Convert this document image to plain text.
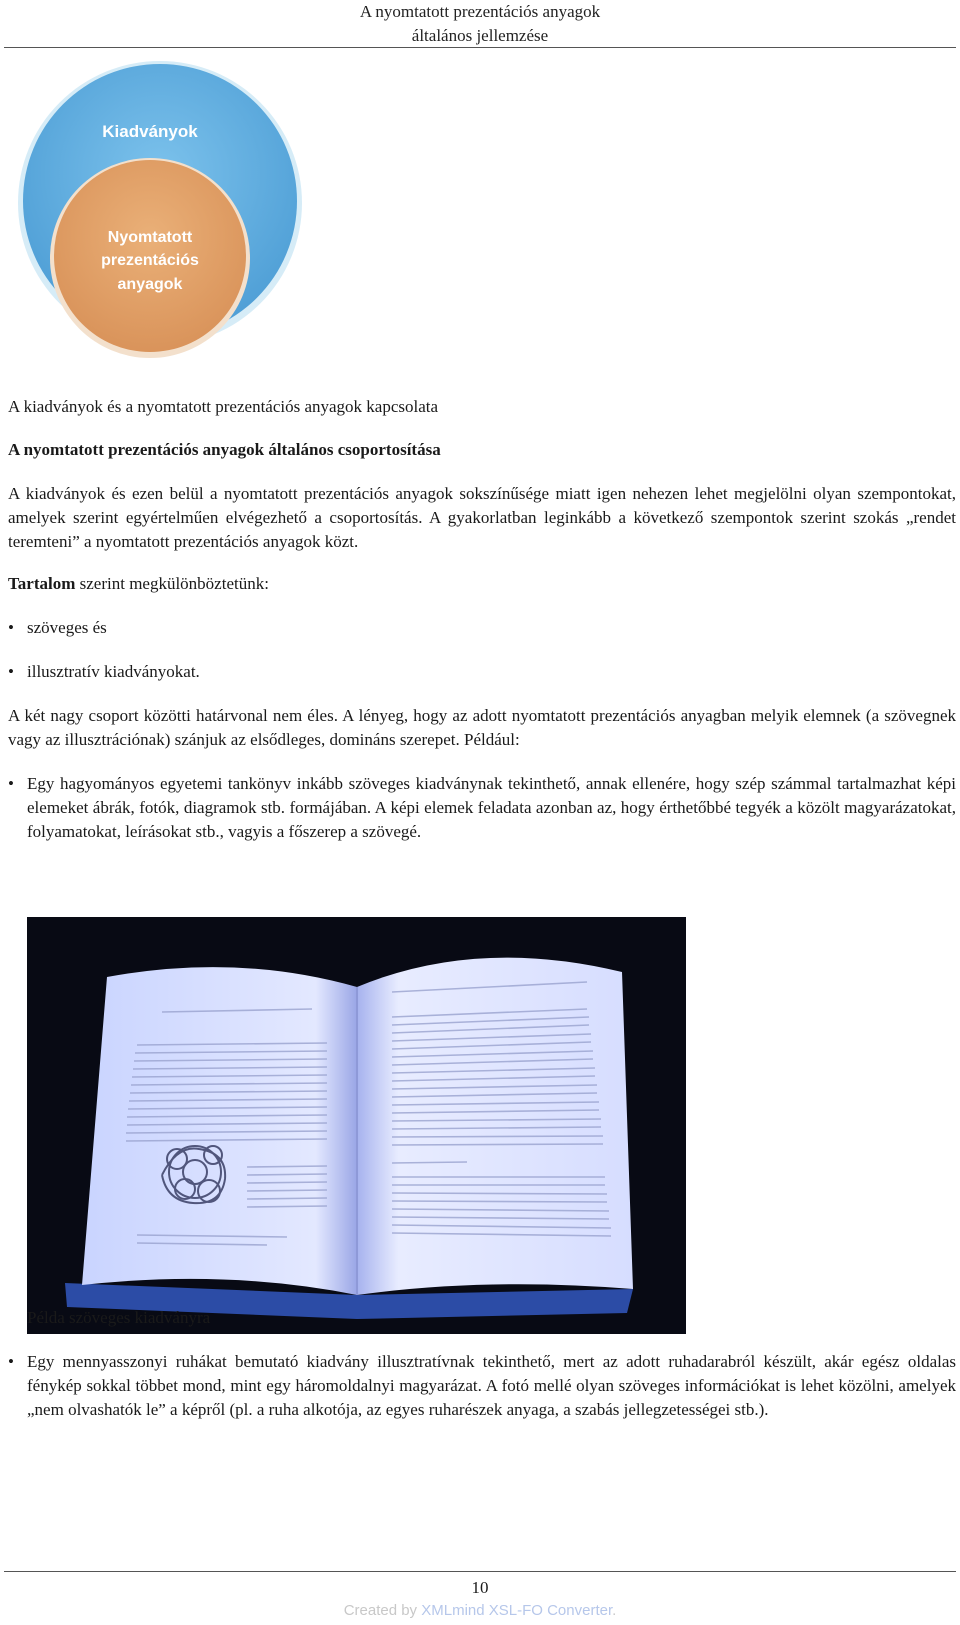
A nyomtatott prezentációs anyagok
általános jellemzése
Kiadványok
Nyomtatott
prezentációs
anyagok
A kiadványok és a nyomtatott prezentációs anyagok kapcsolata
A nyomtatott prezentációs anyagok általános csoportosítása
A kiadványok és ezen belül a nyomtatott prezentációs anyagok sokszínűsége miatt igen nehezen lehet megjelölni olyan szempontokat, amelyek szerint egyértelműen elvégezhető a csoportosítás. A gyakorlatban leginkább a következő szempontok szerint szokás „rendet teremteni” a nyomtatott prezentációs anyagok közt.
Tartalom szerint megkülönböztetünk:
• szöveges és
• illusztratív kiadványokat.
A két nagy csoport közötti határvonal nem éles. A lényeg, hogy az adott nyomtatott prezentációs anyagban melyik elemnek (a szövegnek vagy az illusztrációnak) szánjuk az elsődleges, domináns szerepet. Például:
• Egy hagyományos egyetemi tankönyv inkább szöveges kiadványnak tekinthető, annak ellenére, hogy szép számmal tartalmazhat képi elemeket ábrák, fotók, diagramok stb. formájában. A képi elemek feladata azonban az, hogy érthetőbbé tegyék a közölt magyarázatokat, folyamatokat, leírásokat stb., vagyis a főszerep a szövegé.
Példa szöveges kiadványra
• Egy mennyasszonyi ruhákat bemutató kiadvány illusztratívnak tekinthető, mert az adott ruhadarabról készült, akár egész oldalas fénykép sokkal többet mond, mint egy háromoldalnyi magyarázat. A fotó mellé olyan szöveges információkat is lehet közölni, amelyek „nem olvashatók le” a képről (pl. a ruha alkotója, az egyes ruharészek anyaga, a szabás jellegzetességei stb.).
10
Created by XMLmind XSL-FO Converter.
